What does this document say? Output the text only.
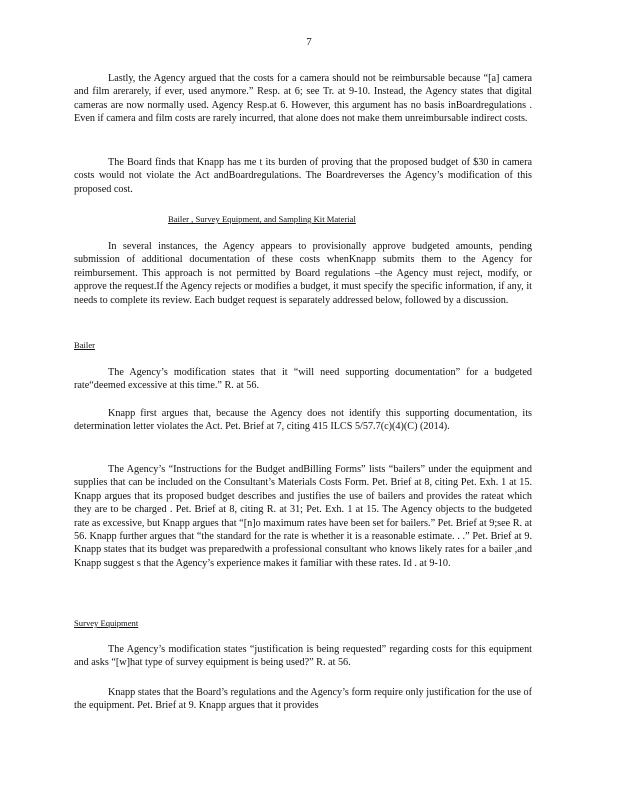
7

Lastly, the Agency argued that the costs for a camera should not be reimbursable because “[a] camera and film arerarely, if ever, used anymore.” Resp. at 6; see Tr. at 9-10. Instead, the Agency states that digital cameras are now normally used. Agency Resp.at 6. However, this argument has no basis inBoardregulations . Even if camera and film costs are rarely incurred, that alone does not make them unreimbursable indirect costs.

The Board finds that Knapp has me t its burden of proving that the proposed budget of $30 in camera costs would not violate the Act andBoardregulations. The Boardreverses the Agency’s modification of this proposed cost.

Bailer , Survey Equipment, and Sampling Kit Material

In several instances, the Agency appears to provisionally approve budgeted amounts, pending submission of additional documentation of these costs whenKnapp submits them to the Agency for reimbursement. This approach is not permitted by Board regulations –the Agency must reject, modify, or approve the request.If the Agency rejects or modifies a budget, it must specify the specific information, if any, it needs to complete its review. Each budget request is separately addressed below, followed by a discussion.

Bailer

The Agency’s modification states that it “will need supporting documentation” for a budgeted rate“deemed excessive at this time.” R. at 56.

Knapp first argues that, because the Agency does not identify this supporting documentation, its determination letter violates the Act. Pet. Brief at 7, citing 415 ILCS 5/57.7(c)(4)(C) (2014).

The Agency’s “Instructions for the Budget andBilling Forms” lists “bailers” under the equipment and supplies that can be included on the Consultant’s Materials Costs Form. Pet. Brief at 8, citing Pet. Exh. 1 at 15. Knapp argues that its proposed budget describes and justifies the use of bailers and provides the rateat which they are to be charged . Pet. Brief at 8, citing R. at 31; Pet. Exh. 1 at 15. The Agency objects to the budgeted rate as excessive, but Knapp argues that “[n]o maximum rates have been set for bailers.” Pet. Brief at 9;see R. at 56. Knapp further argues that “the standard for the rate is whether it is a reasonable estimate. . .” Pet. Brief at 9. Knapp states that its budget was preparedwith a professional consultant who knows likely rates for a bailer ,and Knapp suggest s that the Agency’s experience makes it familiar with these rates. Id . at 9-10.

Survey Equipment

The Agency’s modification states “justification is being requested” regarding costs for this equipment and asks “[w]hat type of survey equipment is being used?” R. at 56.

Knapp states that the Board’s regulations and the Agency’s form require only justification for the use of the equipment. Pet. Brief at 9. Knapp argues that it provides
